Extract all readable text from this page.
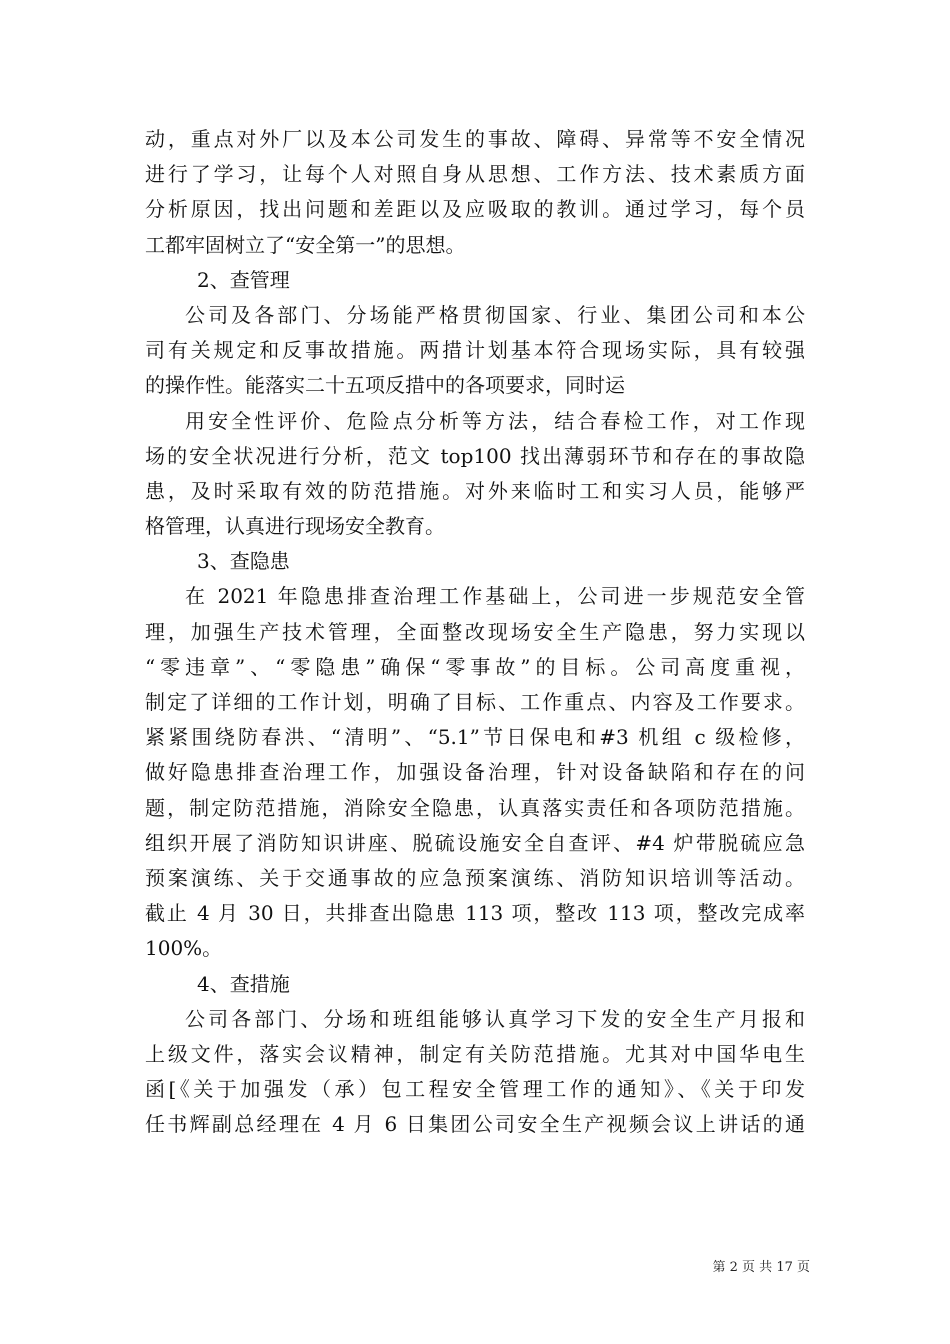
动，重点对外厂以及本公司发生的事故、障碍、异常等不安全情况
进行了学习，让每个人对照自身从思想、工作方法、技术素质方面
分析原因，找出问题和差距以及应吸取的教训。通过学习，每个员
工都牢固树立了“安全第一”的思想。
2、查管理
公司及各部门、分场能严格贯彻国家、行业、集团公司和本公
司有关规定和反事故措施。两措计划基本符合现场实际，具有较强
的操作性。能落实二十五项反措中的各项要求，同时运
用安全性评价、危险点分析等方法，结合春检工作，对工作现
场的安全状况进行分析，范文 top100 找出薄弱环节和存在的事故隐
患，及时采取有效的防范措施。对外来临时工和实习人员，能够严
格管理，认真进行现场安全教育。
3、查隐患
在 2021 年隐患排查治理工作基础上，公司进一步规范安全管
理，加强生产技术管理，全面整改现场安全生产隐患，努力实现以
“零违章”、“零隐患”确保“零事故”的目标。公司高度重视，
制定了详细的工作计划，明确了目标、工作重点、内容及工作要求。
紧紧围绕防春洪、“清明”、“5.1”节日保电和#3 机组 c 级检修，
做好隐患排查治理工作，加强设备治理，针对设备缺陷和存在的问
题，制定防范措施，消除安全隐患，认真落实责任和各项防范措施。
组织开展了消防知识讲座、脱硫设施安全自查评、#4 炉带脱硫应急
预案演练、关于交通事故的应急预案演练、消防知识培训等活动。
截止 4 月 30 日，共排查出隐患 113 项，整改 113 项，整改完成率
100%。
4、查措施
公司各部门、分场和班组能够认真学习下发的安全生产月报和
上级文件，落实会议精神，制定有关防范措施。尤其对中国华电生
函[《关于加强发（承）包工程安全管理工作的通知》、《关于印发
任书辉副总经理在 4 月 6 日集团公司安全生产视频会议上讲话的通
第 2 页 共 17 页
